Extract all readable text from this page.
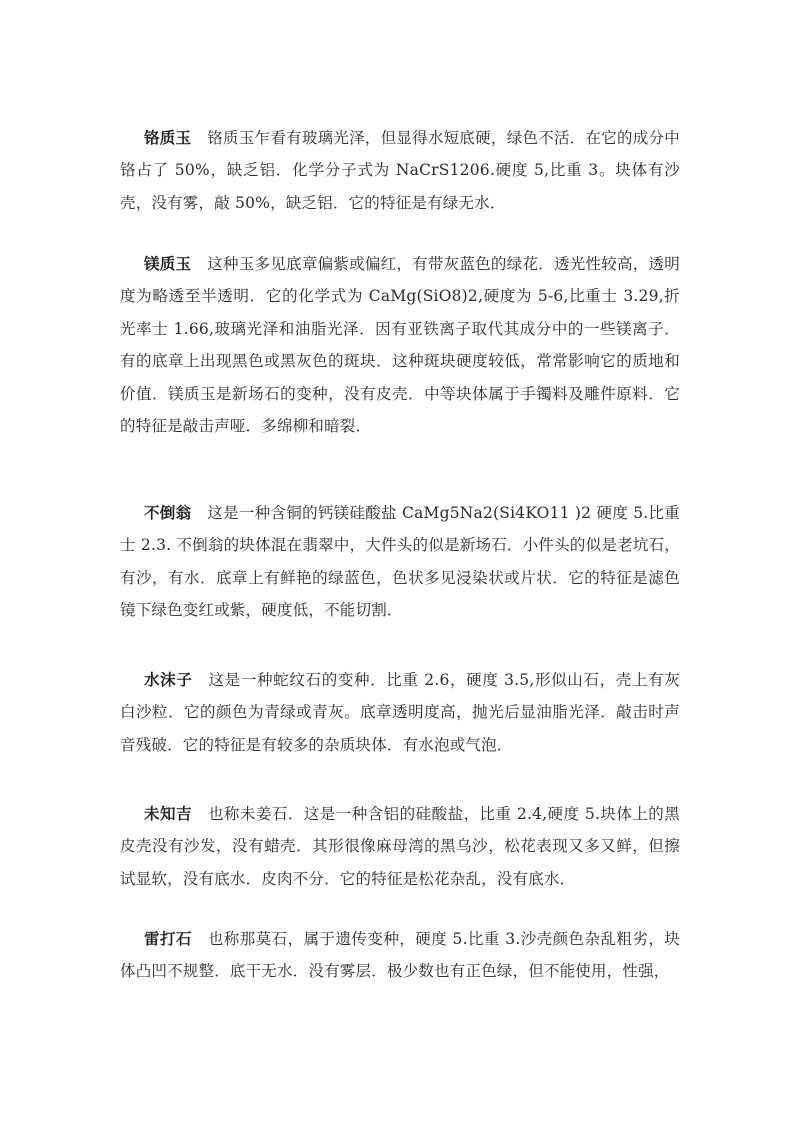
铬质玉 铬质玉乍看有玻璃光泽，但显得水短底硬，绿色不活．在它的成分中铬占了 50%，缺乏铝．化学分子式为 NaCrS1206.硬度 5,比重 3。块体有沙壳，没有雾，敲 50%，缺乏铝．它的特征是有绿无水．

镁质玉 这种玉多见底章偏紫或偏红，有带灰蓝色的绿花．透光性较高，透明度为略透至半透明．它的化学式为 CaMg(SiO8)2,硬度为 5-6,比重士 3.29,折光率士 1.66,玻璃光泽和油脂光泽．因有亚铁离子取代其成分中的一些镁离子．有的底章上出现黑色或黑灰色的斑块．这种斑块硬度较低，常常影响它的质地和价值．镁质玉是新场石的变种，没有皮壳．中等块体属于手镯料及雕件原料．它的特征是敲击声哑．多绵柳和暗裂．

不倒翁 这是一种含铜的钙镁硅酸盐 CaMg5Na2(Si4KO11 )2 硬度 5.比重士 2.3. 不倒翁的块体混在翡翠中，大件头的似是新场石．小件头的似是老坑石，有沙，有水．底章上有鲜艳的绿蓝色，色状多见浸染状或片状．它的特征是滤色镜下绿色变红或紫，硬度低，不能切割．

水沫子 这是一种蛇纹石的变种．比重 2.6，硬度 3.5,形似山石，壳上有灰白沙粒．它的颜色为青绿或青灰。底章透明度高，抛光后显油脂光泽．敲击时声音残破．它的特征是有较多的杂质块体．有水泡或气泡．

未知吉 也称未姜石．这是一种含铝的硅酸盐，比重 2.4,硬度 5.块体上的黑皮壳没有沙发，没有蜡壳．其形很像麻母湾的黑乌沙，松花表现又多又鲜，但擦试显软，没有底水．皮肉不分．它的特征是松花杂乱，没有底水．

雷打石 也称那莫石，属于遗传变种，硬度 5.比重 3.沙壳颜色杂乱粗劣，块体凸凹不规整．底干无水．没有雾层．极少数也有正色绿，但不能使用，性强，
